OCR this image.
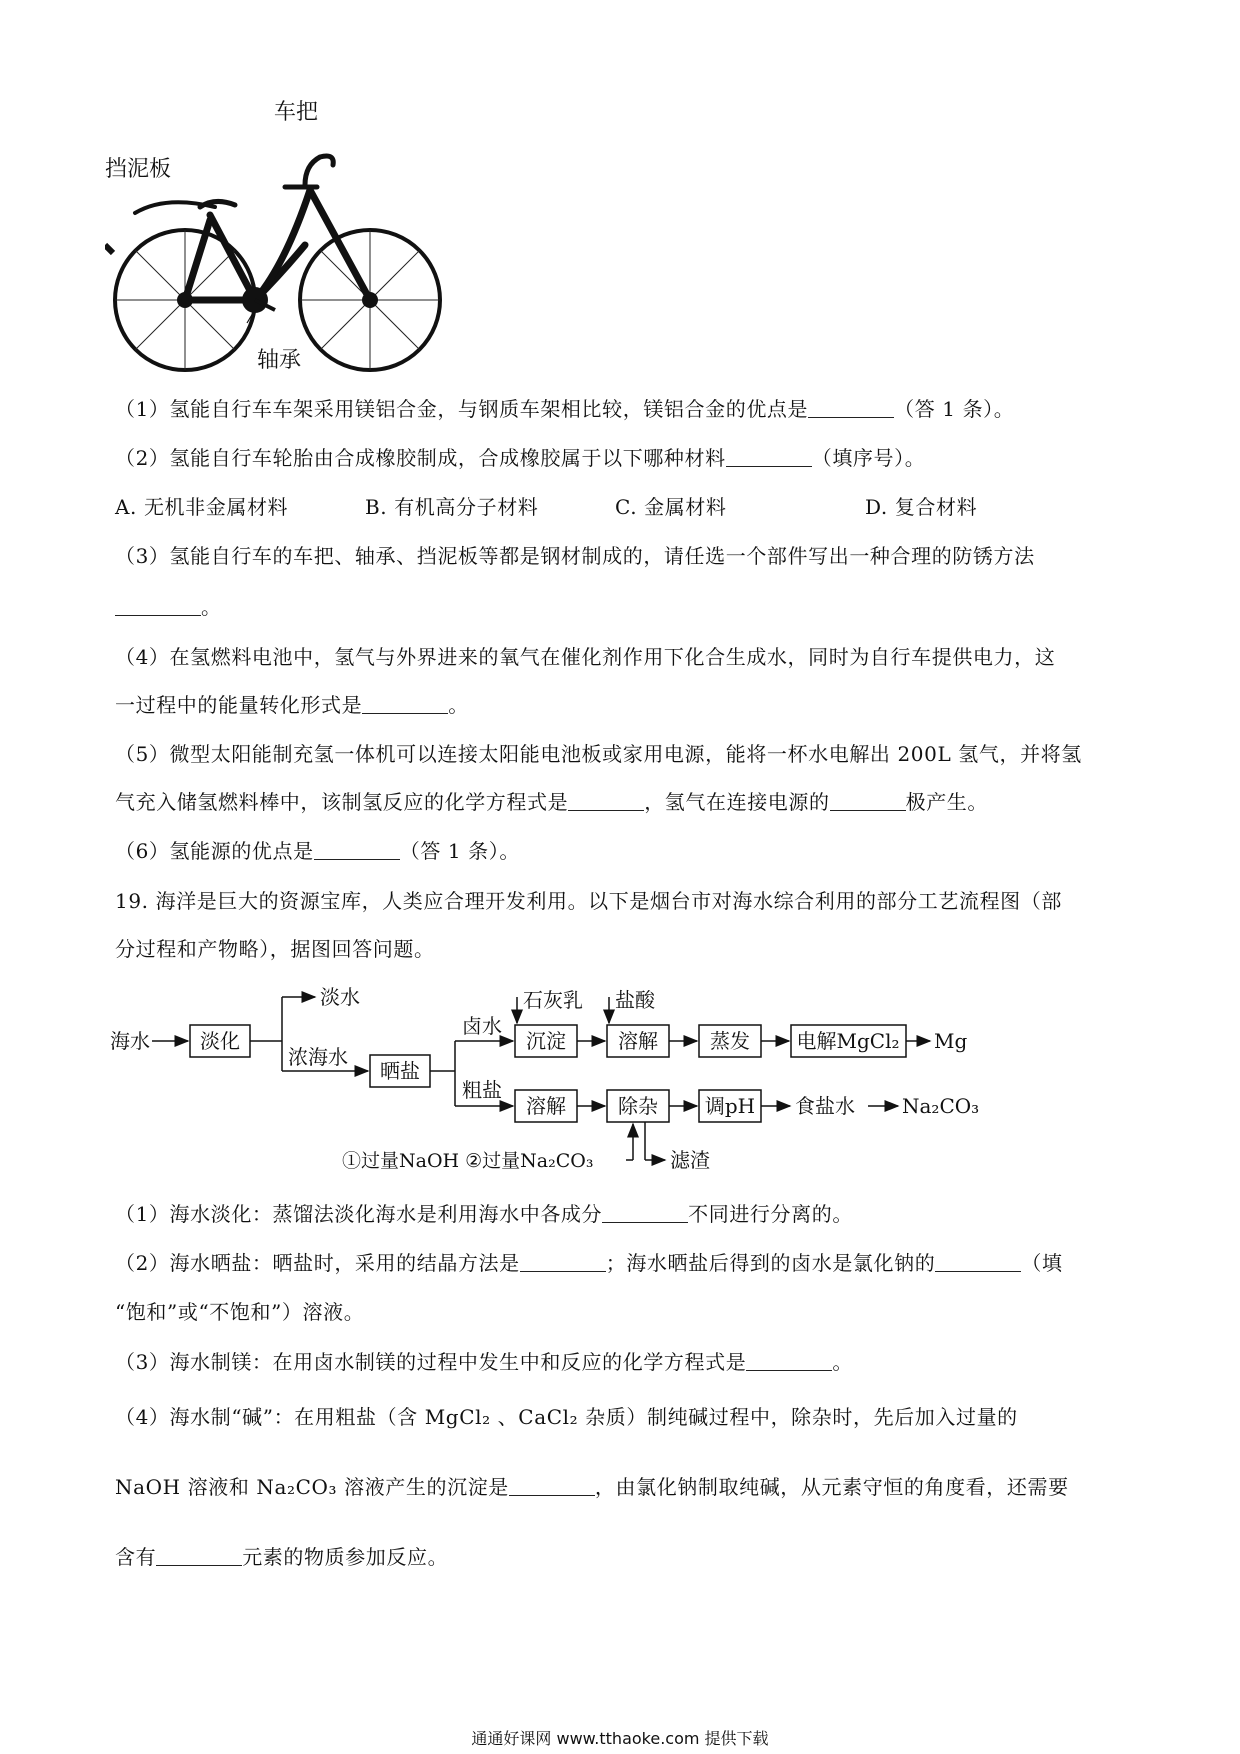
车把
挡泥板
轴承
（1）氢能自行车车架采用镁铝合金，与钢质车架相比较，镁铝合金的优点是	（答 1 条）。
（2）氢能自行车轮胎由合成橡胶制成，合成橡胶属于以下哪种材料	（填序号）。
A. 无机非金属材料	B. 有机高分子材料	C. 金属材料	D. 复合材料
（3）氢能自行车的车把、轴承、挡泥板等都是钢材制成的，请任选一个部件写出一种合理的防锈方法
。
（4）在氢燃料电池中，氢气与外界进来的氧气在催化剂作用下化合生成水，同时为自行车提供电力，这
一过程中的能量转化形式是	。
（5）微型太阳能制充氢一体机可以连接太阳能电池板或家用电源，能将一杯水电解出 200L 氢气，并将氢
气充入储氢燃料棒中，该制氢反应的化学方程式是	，氢气在连接电源的	极产生。
（6）氢能源的优点是	（答 1 条）。
19. 海洋是巨大的资源宝库，人类应合理开发利用。以下是烟台市对海水综合利用的部分工艺流程图（部
分过程和产物略），据图回答问题。
海水	淡化
淡水
浓海水
晒盐
卤水
粗盐
石灰乳 盐酸
沉淀	溶解	蒸发 电解MgCl₂ Mg
溶解	除杂 调pH 食盐水 Na₂CO₃
①过量NaOH ②过量Na₂CO₃	滤渣
（1）海水淡化：蒸馏法淡化海水是利用海水中各成分	不同进行分离的。
（2）海水晒盐：晒盐时，采用的结晶方法是	；海水晒盐后得到的卤水是氯化钠的	（填
“饱和”或“不饱和”）溶液。
（3）海水制镁：在用卤水制镁的过程中发生中和反应的化学方程式是	。
（4）海水制“碱”：在用粗盐（含 MgCl₂ 、CaCl₂ 杂质）制纯碱过程中，除杂时，先后加入过量的
NaOH 溶液和 Na₂CO₃ 溶液产生的沉淀是	，由氯化钠制取纯碱，从元素守恒的角度看，还需要
含有	元素的物质参加反应。
通通好课网 www.tthaoke.com 提供下载
